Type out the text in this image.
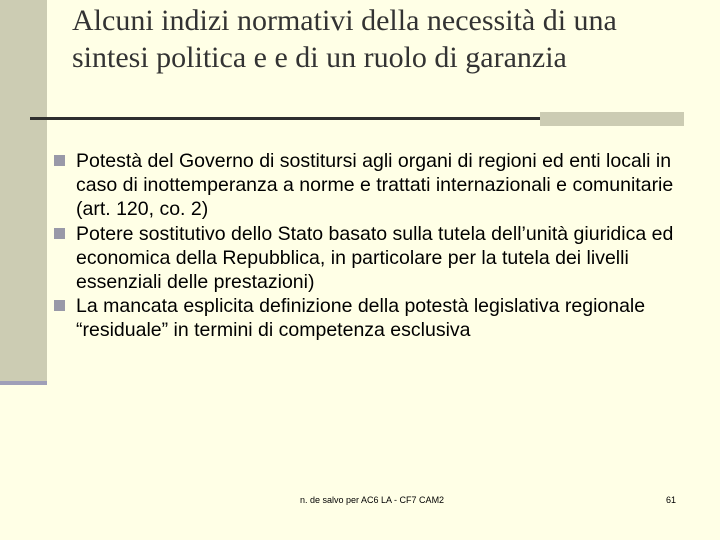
Alcuni indizi normativi della necessità di una sintesi politica e e di un ruolo di garanzia
Potestà del Governo di sostitursi agli organi di regioni ed enti locali in caso di inottemperanza a norme e trattati internazionali e comunitarie (art. 120, co. 2)
Potere sostitutivo dello Stato basato sulla tutela dell’unità giuridica ed economica della Repubblica, in particolare per la tutela dei livelli essenziali delle prestazioni)
La mancata esplicita definizione della potestà legislativa regionale “residuale” in termini di competenza esclusiva
n. de salvo per AC6 LA - CF7 CAM2	61
